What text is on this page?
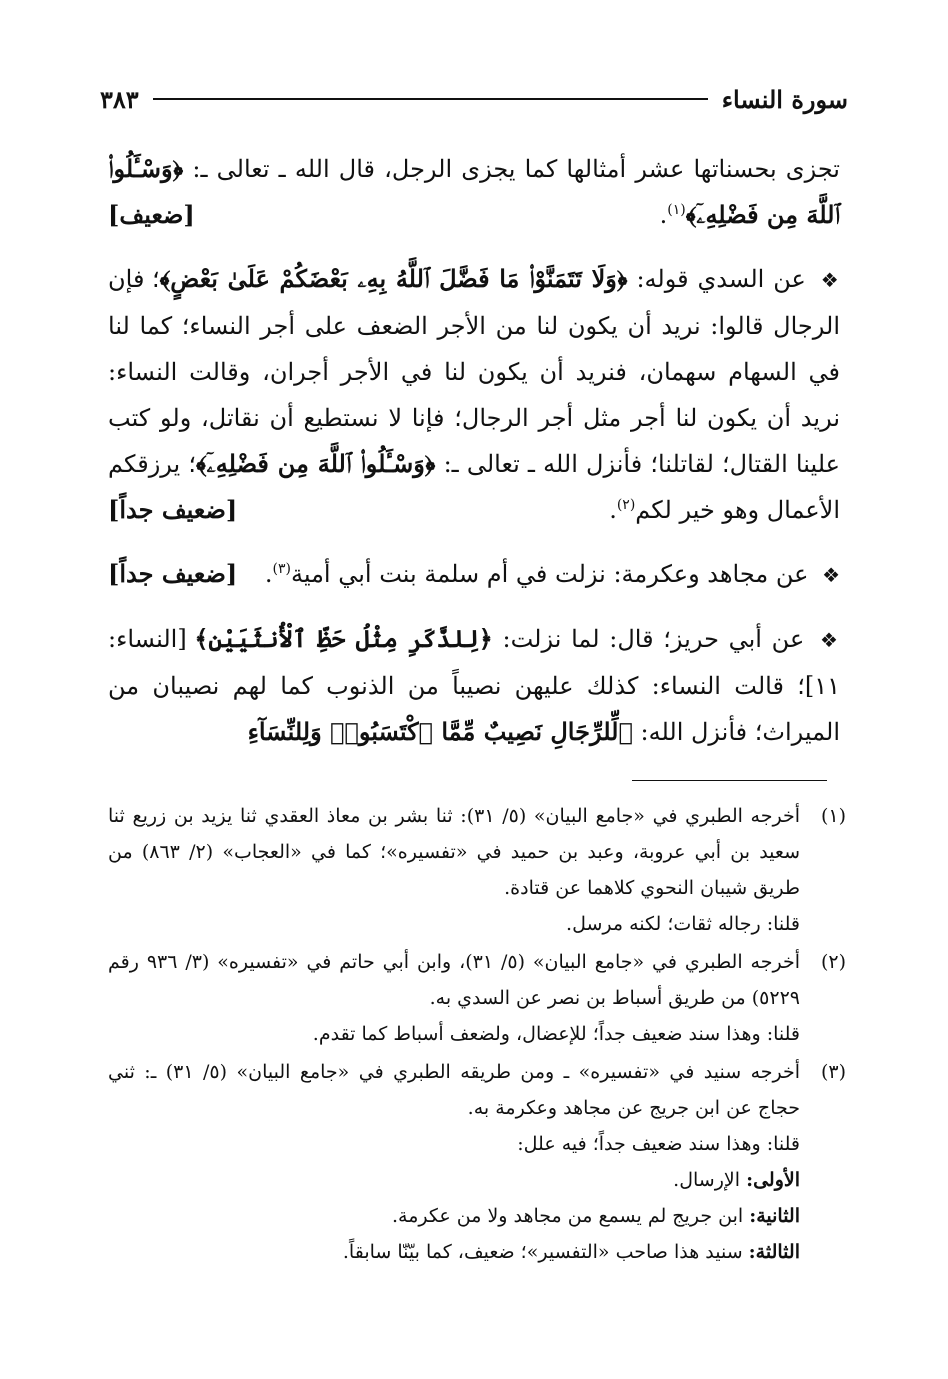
سورة النساء
٣٨٣

تجزى بحسناتها عشر أمثالها كما يجزى الرجل، قال الله ـ تعالى ـ: ﴿وَسْـَٔلُوا۟ ٱللَّهَ مِن فَضْلِهِۦٓ﴾$^{(١)}$.
[ضعيف]

❖ عن السدي قوله: ﴿وَلَا تَتَمَنَّوْا۟ مَا فَضَّلَ ٱللَّهُ بِهِۦ بَعْضَكُمْ عَلَىٰ بَعْضٍ﴾؛ فإن الرجال قالوا: نريد أن يكون لنا من الأجر الضعف على أجر النساء؛ كما لنا في السهام سهمان، فنريد أن يكون لنا في الأجر أجران، وقالت النساء: نريد أن يكون لنا أجر مثل أجر الرجال؛ فإنا لا نستطيع أن نقاتل، ولو كتب علينا القتال؛ لقاتلنا؛ فأنزل الله ـ تعالى ـ: ﴿وَسْـَٔلُوا۟ ٱللَّهَ مِن فَضْلِهِۦٓ﴾؛ يرزقكم الأعمال وهو خير لكم$^{(٢)}$.
[ضعيف جداً]

❖ عن مجاهد وعكرمة: نزلت في أم سلمة بنت أبي أمية$^{(٣)}$.
[ضعيف جداً]

❖ عن أبي حريز؛ قال: لما نزلت: ﴿لِلذَّكَرِ مِثْلُ حَظِّ ٱلْأُنثَيَيْنِ﴾ [النساء: ١١]؛ قالت النساء: كذلك عليهن نصيباً من الذنوب كما لهم نصيبان من الميراث؛ فأنزل الله: ﴿لِّلرِّجَالِ نَصِيبٌ مِّمَّا ٱكْتَسَبُوا۟ وَلِلنِّسَآءِ

(١)
أخرجه الطبري في «جامع البيان» (٥/ ٣١): ثنا بشر بن معاذ العقدي ثنا يزيد بن زريع ثنا سعيد بن أبي عروبة، وعبد بن حميد في «تفسيره»؛ كما في «العجاب» (٢/ ٨٦٣) من طريق شيبان النحوي كلاهما عن قتادة.
قلنا: رجاله ثقات؛ لكنه مرسل.
(٢)
أخرجه الطبري في «جامع البيان» (٥/ ٣١)، وابن أبي حاتم في «تفسيره» (٣/ ٩٣٦ رقم ٥٢٢٩) من طريق أسباط بن نصر عن السدي به.
قلنا: وهذا سند ضعيف جداً؛ للإعضال، ولضعف أسباط كما تقدم.
(٣)
أخرجه سنيد في «تفسيره» ـ ومن طريقه الطبري في «جامع البيان» (٥/ ٣١) ـ: ثني حجاج عن ابن جريج عن مجاهد وعكرمة به.
قلنا: وهذا سند ضعيف جداً؛ فيه علل:
الأولى: الإرسال.
الثانية: ابن جريج لم يسمع من مجاهد ولا من عكرمة.
الثالثة: سنيد هذا صاحب «التفسير»؛ ضعيف، كما بيّنّا سابقاً.
